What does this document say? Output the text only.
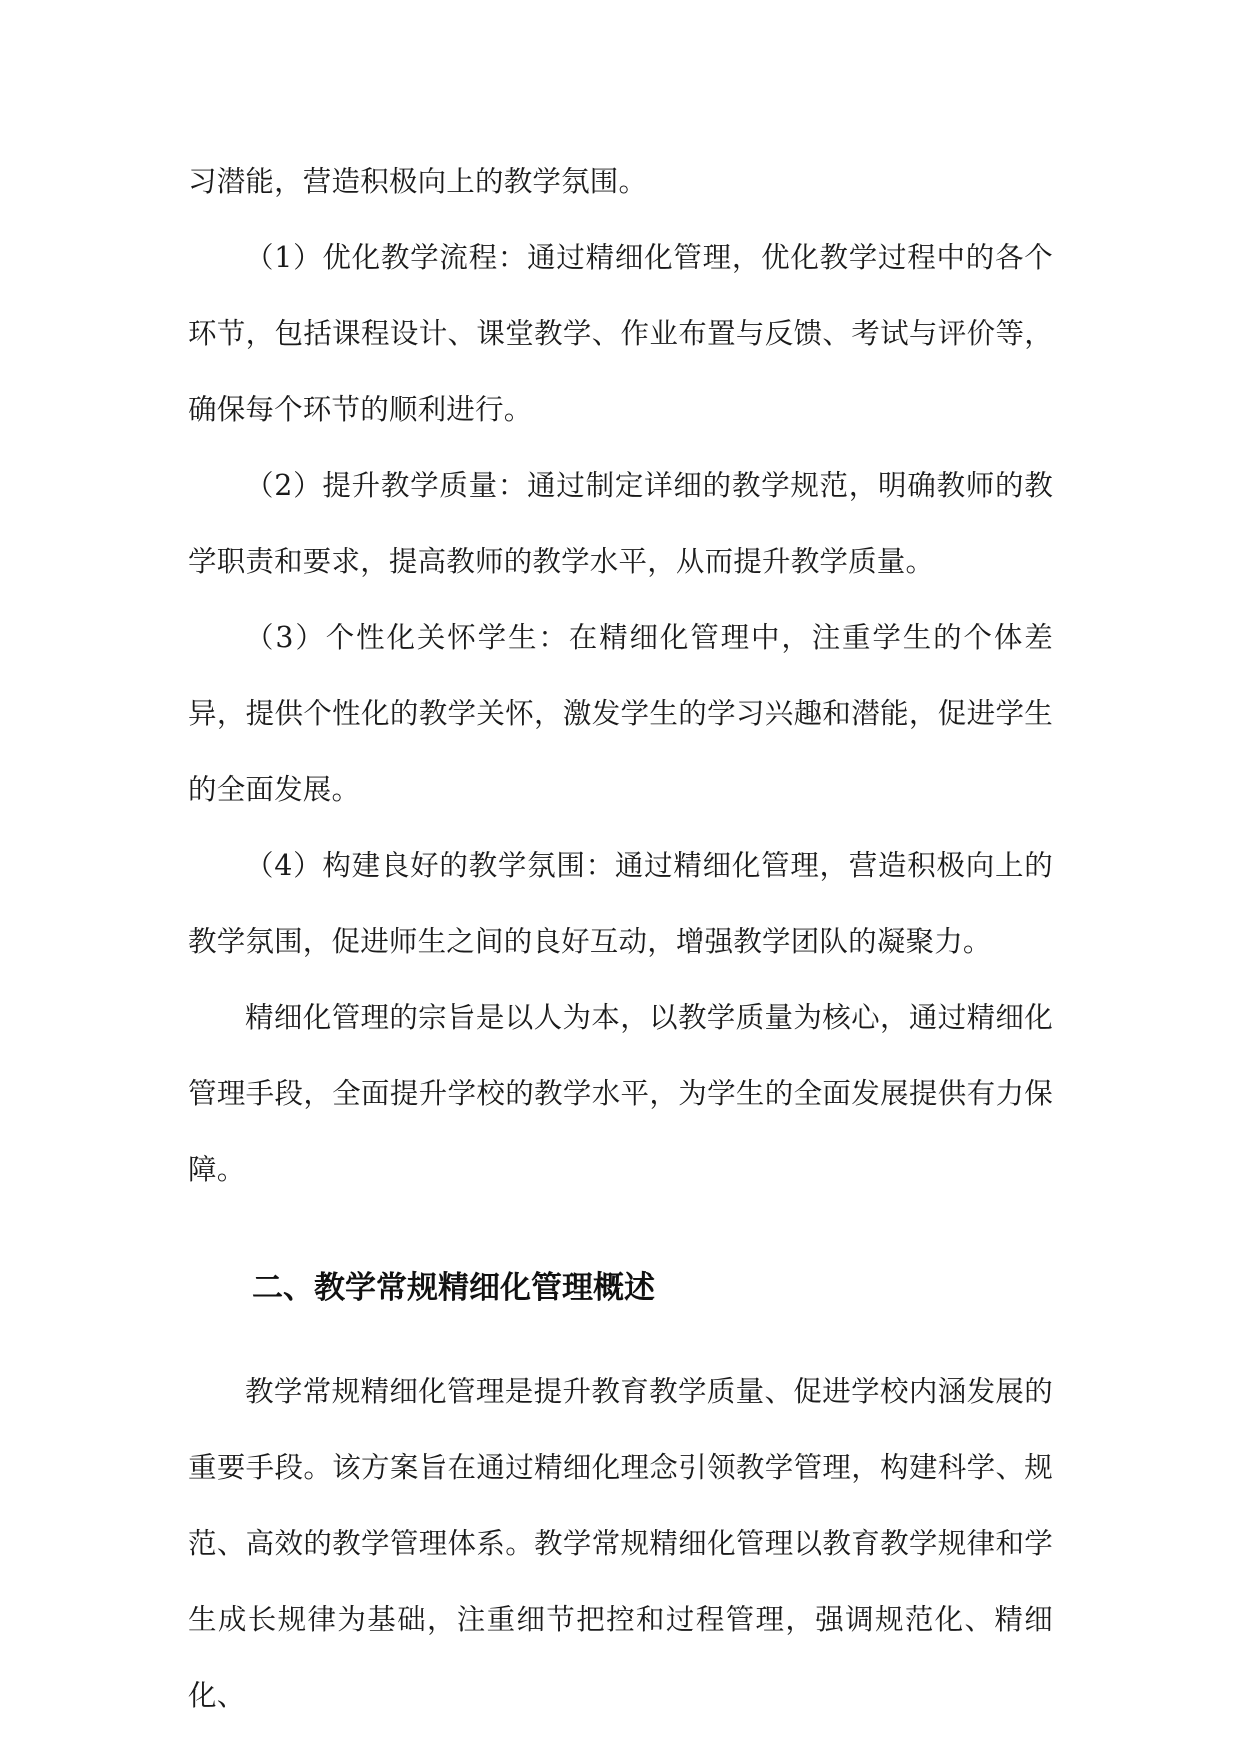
习潜能，营造积极向上的教学氛围。

（1）优化教学流程：通过精细化管理，优化教学过程中的各个环节，包括课程设计、课堂教学、作业布置与反馈、考试与评价等，确保每个环节的顺利进行。

（2）提升教学质量：通过制定详细的教学规范，明确教师的教学职责和要求，提高教师的教学水平，从而提升教学质量。

（3）个性化关怀学生：在精细化管理中，注重学生的个体差异，提供个性化的教学关怀，激发学生的学习兴趣和潜能，促进学生的全面发展。

（4）构建良好的教学氛围：通过精细化管理，营造积极向上的教学氛围，促进师生之间的良好互动，增强教学团队的凝聚力。

精细化管理的宗旨是以人为本，以教学质量为核心，通过精细化管理手段，全面提升学校的教学水平，为学生的全面发展提供有力保障。

二、教学常规精细化管理概述

教学常规精细化管理是提升教育教学质量、促进学校内涵发展的重要手段。该方案旨在通过精细化理念引领教学管理，构建科学、规范、高效的教学管理体系。教学常规精细化管理以教育教学规律和学生成长规律为基础，注重细节把控和过程管理，强调规范化、精细化、
